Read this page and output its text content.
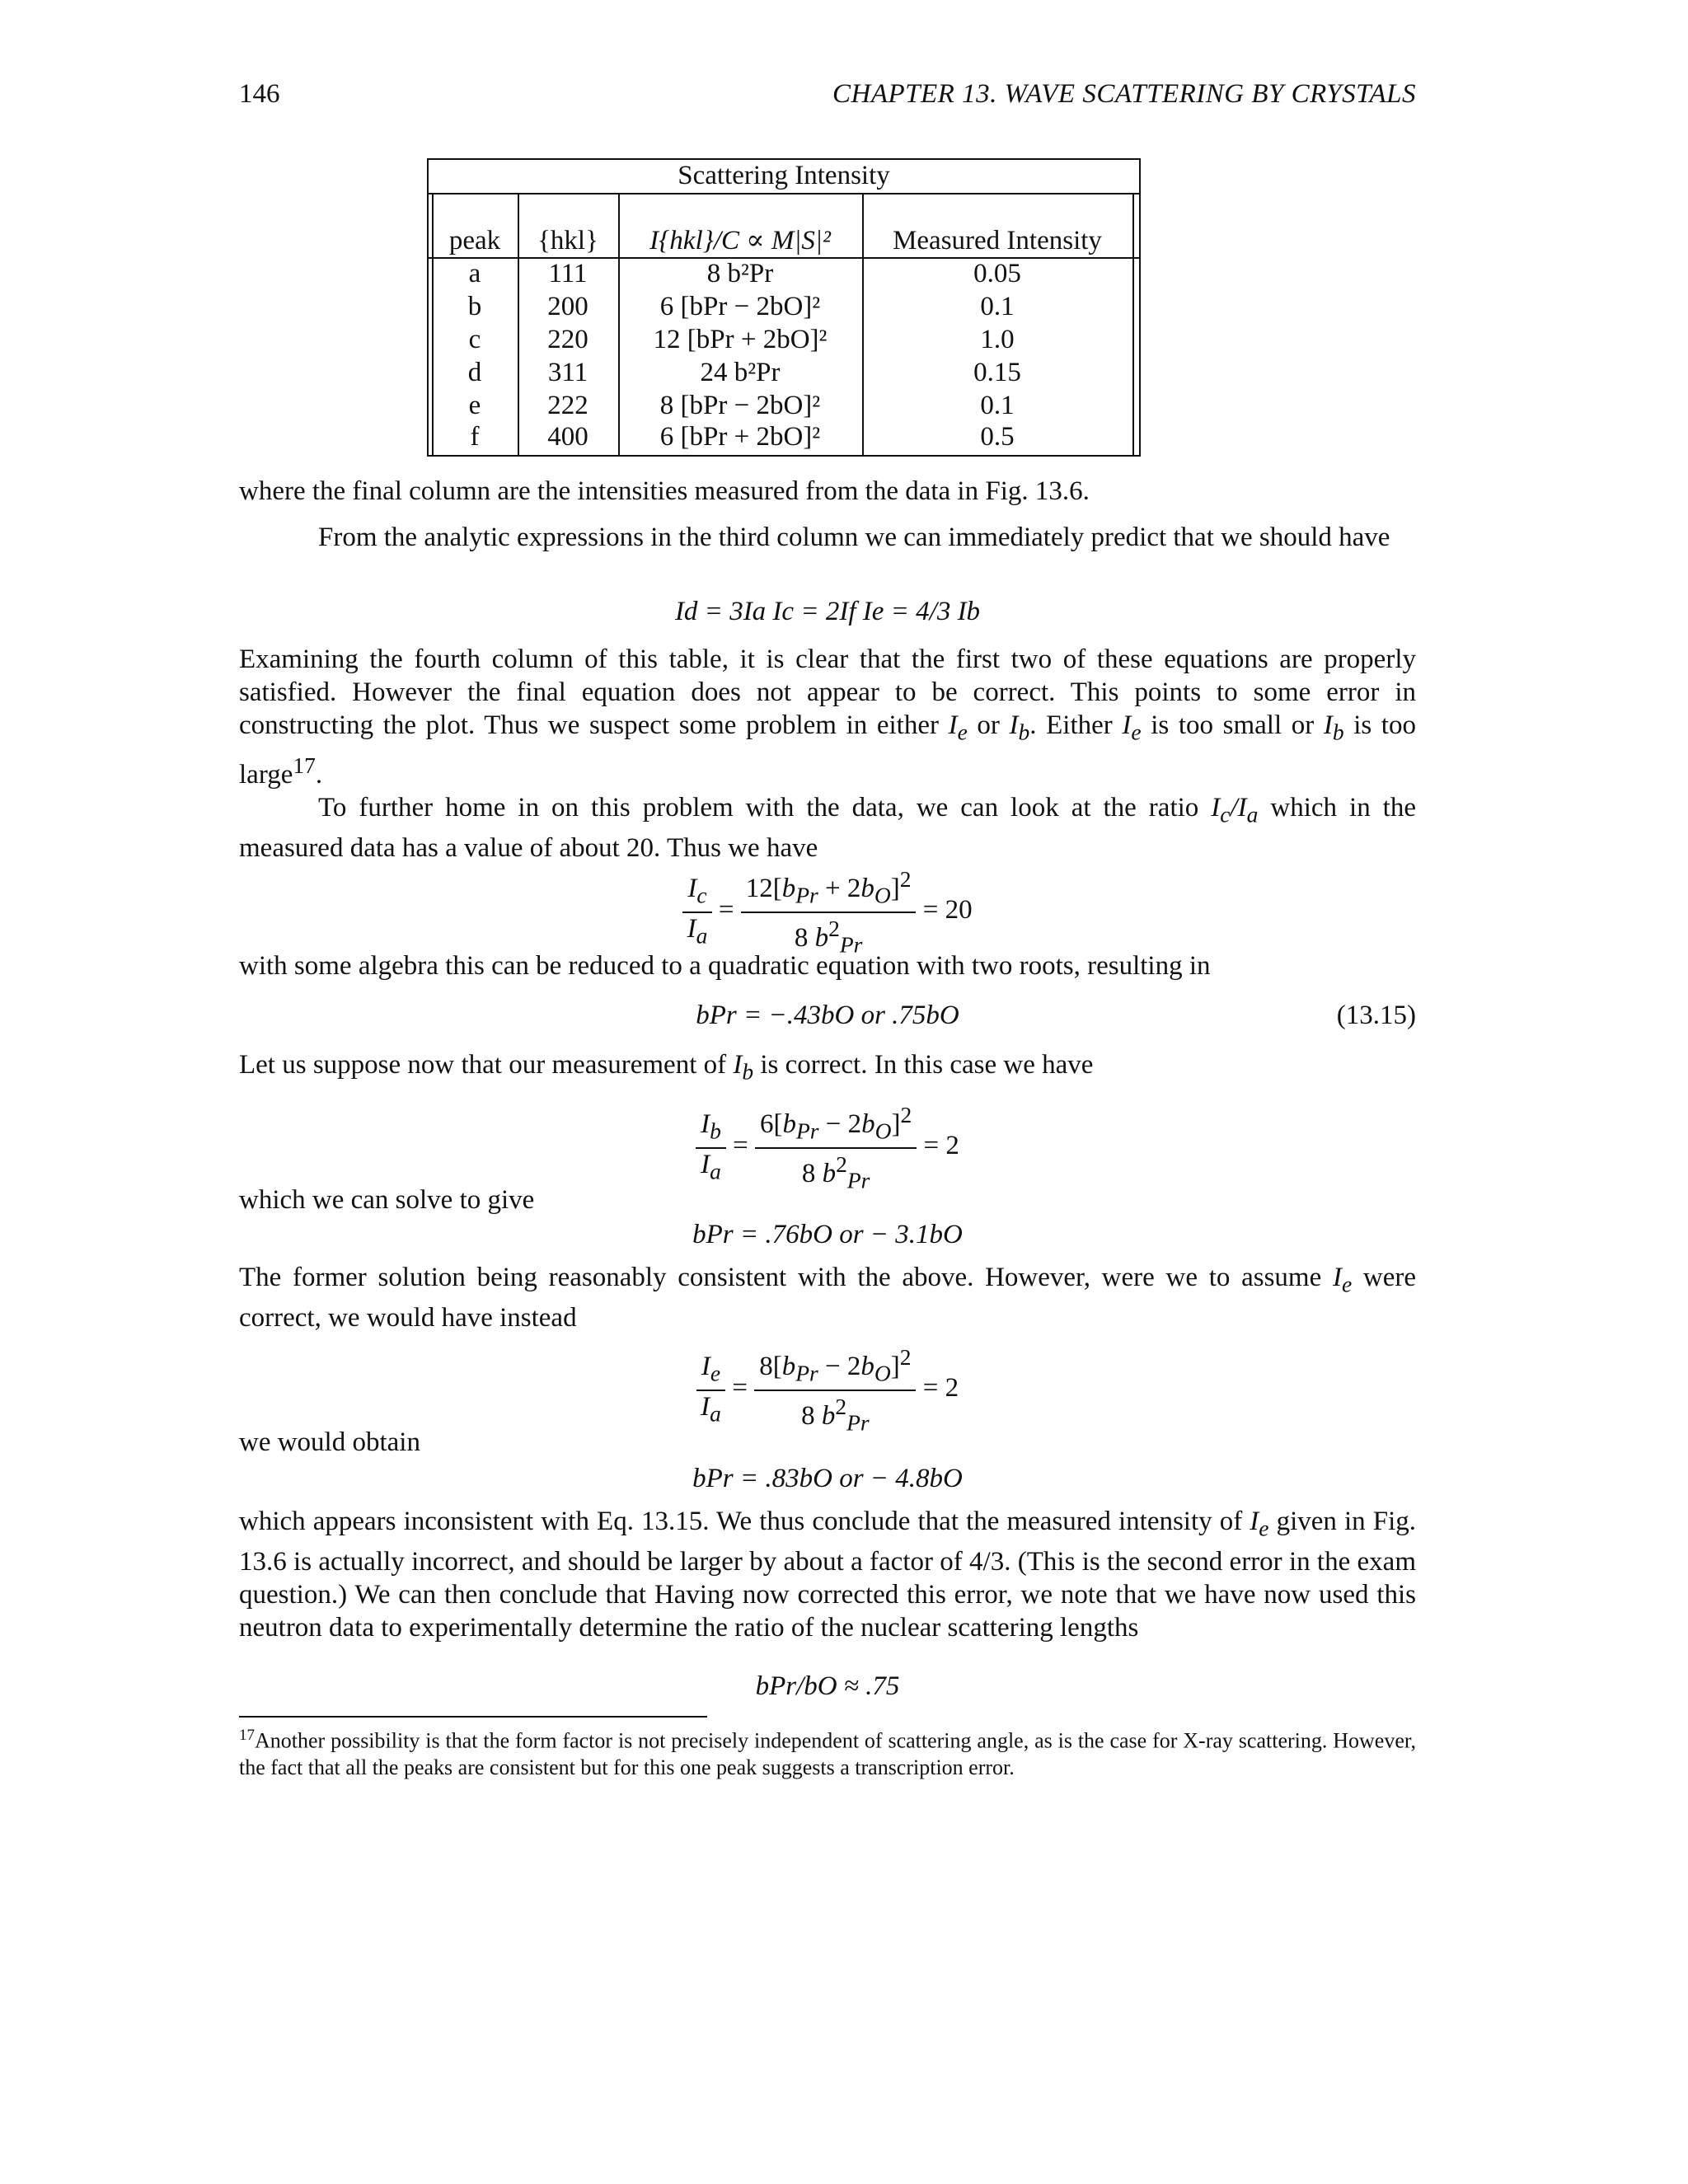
146	CHAPTER 13. WAVE SCATTERING BY CRYSTALS
Scattering Intensity
peak	{hkl}	I{hkl}/C ∝ M|S|²	Measured Intensity
a	111	8 b²Pr	0.05
b	200	6 [bPr − 2bO]²	0.1
c	220	12 [bPr + 2bO]²	1.0
d	311	24 b²Pr	0.15
e	222	8 [bPr − 2bO]²	0.1
f	400	6 [bPr + 2bO]²	0.5
where the final column are the intensities measured from the data in Fig. 13.6.
From the analytic expressions in the third column we can immediately predict that we should have
Id = 3Ia Ic = 2If Ie = 4/3 Ib
Examining the fourth column of this table, it is clear that the first two of these equations are properly satisfied. However the final equation does not appear to be correct. This points to some error in constructing the plot. Thus we suspect some problem in either $I_e$ or $I_b$. Either $I_e$ is too small or $I_b$ is too large$^{17}$.
To further home in on this problem with the data, we can look at the ratio $I_c/I_a$ which in the measured data has a value of about 20. Thus we have
$\frac{I_c}{I_a} = \frac{12[b_{Pr} + 2b_O]^2}{8 b^2_{Pr}} = 20$
with some algebra this can be reduced to a quadratic equation with two roots, resulting in
bPr = −.43bO or .75bO	(13.15)
Let us suppose now that our measurement of $I_b$ is correct. In this case we have
$\frac{I_b}{I_a} = \frac{6[b_{Pr} - 2b_O]^2}{8 b^2_{Pr}} = 2$
which we can solve to give
bPr = .76bO or − 3.1bO
The former solution being reasonably consistent with the above. However, were we to assume $I_e$ were correct, we would have instead
$\frac{I_e}{I_a} = \frac{8[b_{Pr} - 2b_O]^2}{8 b^2_{Pr}} = 2$
we would obtain
bPr = .83bO or − 4.8bO
which appears inconsistent with Eq. 13.15. We thus conclude that the measured intensity of $I_e$ given in Fig. 13.6 is actually incorrect, and should be larger by about a factor of 4/3. (This is the second error in the exam question.) We can then conclude that Having now corrected this error, we note that we have now used this neutron data to experimentally determine the ratio of the nuclear scattering lengths
bPr/bO ≈ .75
$^{17}$Another possibility is that the form factor is not precisely independent of scattering angle, as is the case for X-ray scattering. However, the fact that all the peaks are consistent but for this one peak suggests a transcription error.
